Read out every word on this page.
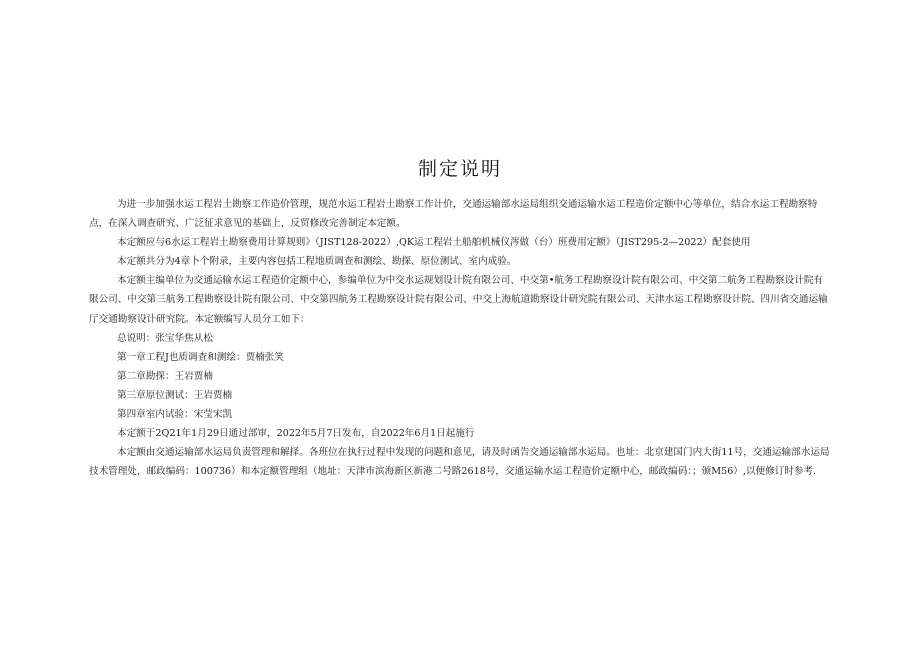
制定说明

为进一步加强水运工程岩土勘察工作造价管理，规范水运工程岩土勘察工作计价，交通运输部水运局组织交通运输水运工程造价定额中心等单位，结合水运工程勘察特点，在深入调查研究、广泛征求意见的基础上，反贸修改完善制定本定额。

本定额应与6水运工程岩土勘察费用计算规则》（JIST128-2022）,QK运工程岩土船舶机械仪涔做（台）班费用定额》（JIST295-2—2022）配套使用

本定额共分为4章卜个附录，主要内容包括工程地质调查和测绘、勘探、原位测试、室内成验。

本定额主编单位为交通运输水运工程造价定额中心，参编单位为中交水运规划设计院有限公司、中交第•航务工程勘察设计院有限公司、中交第二航务工程勘察设计院有限公司、中交第三航务工程勘察设计院有限公司、中交第四航务工程勘察设计院有限公司、中交上海航道勘察设计研究院有限公司、天津水运工程勘察设计院、四川省交通运输厅交通勘察设计研究院。本定额编写人员分工如下：

总说明：张宝华焦从松

第一章工程J也质调查和测绘：贾楠张笑

第二章勘探：王岩贾楠

第三章原位测试：王岩贾楠

第四章室内试验：宋莹宋凯

本定额于2Q21年1月29日通过部审，2022年5月7日发布，自2022年6月1日起施行

本定额由交通运输部水运局负责管理和解择。各班位在执行过程中发现的问题和意见，请及时函告交通运输部水运局。也址：北京建国门内大街11号，交通运输部水运局技术管理处，邮政编码：100736）和本定额管理组（地址：天津市滨海新区新港二号路2618号，交通运输水运工程造价定额中心，邮政编码：；颁M56）,以便修订时参考.
